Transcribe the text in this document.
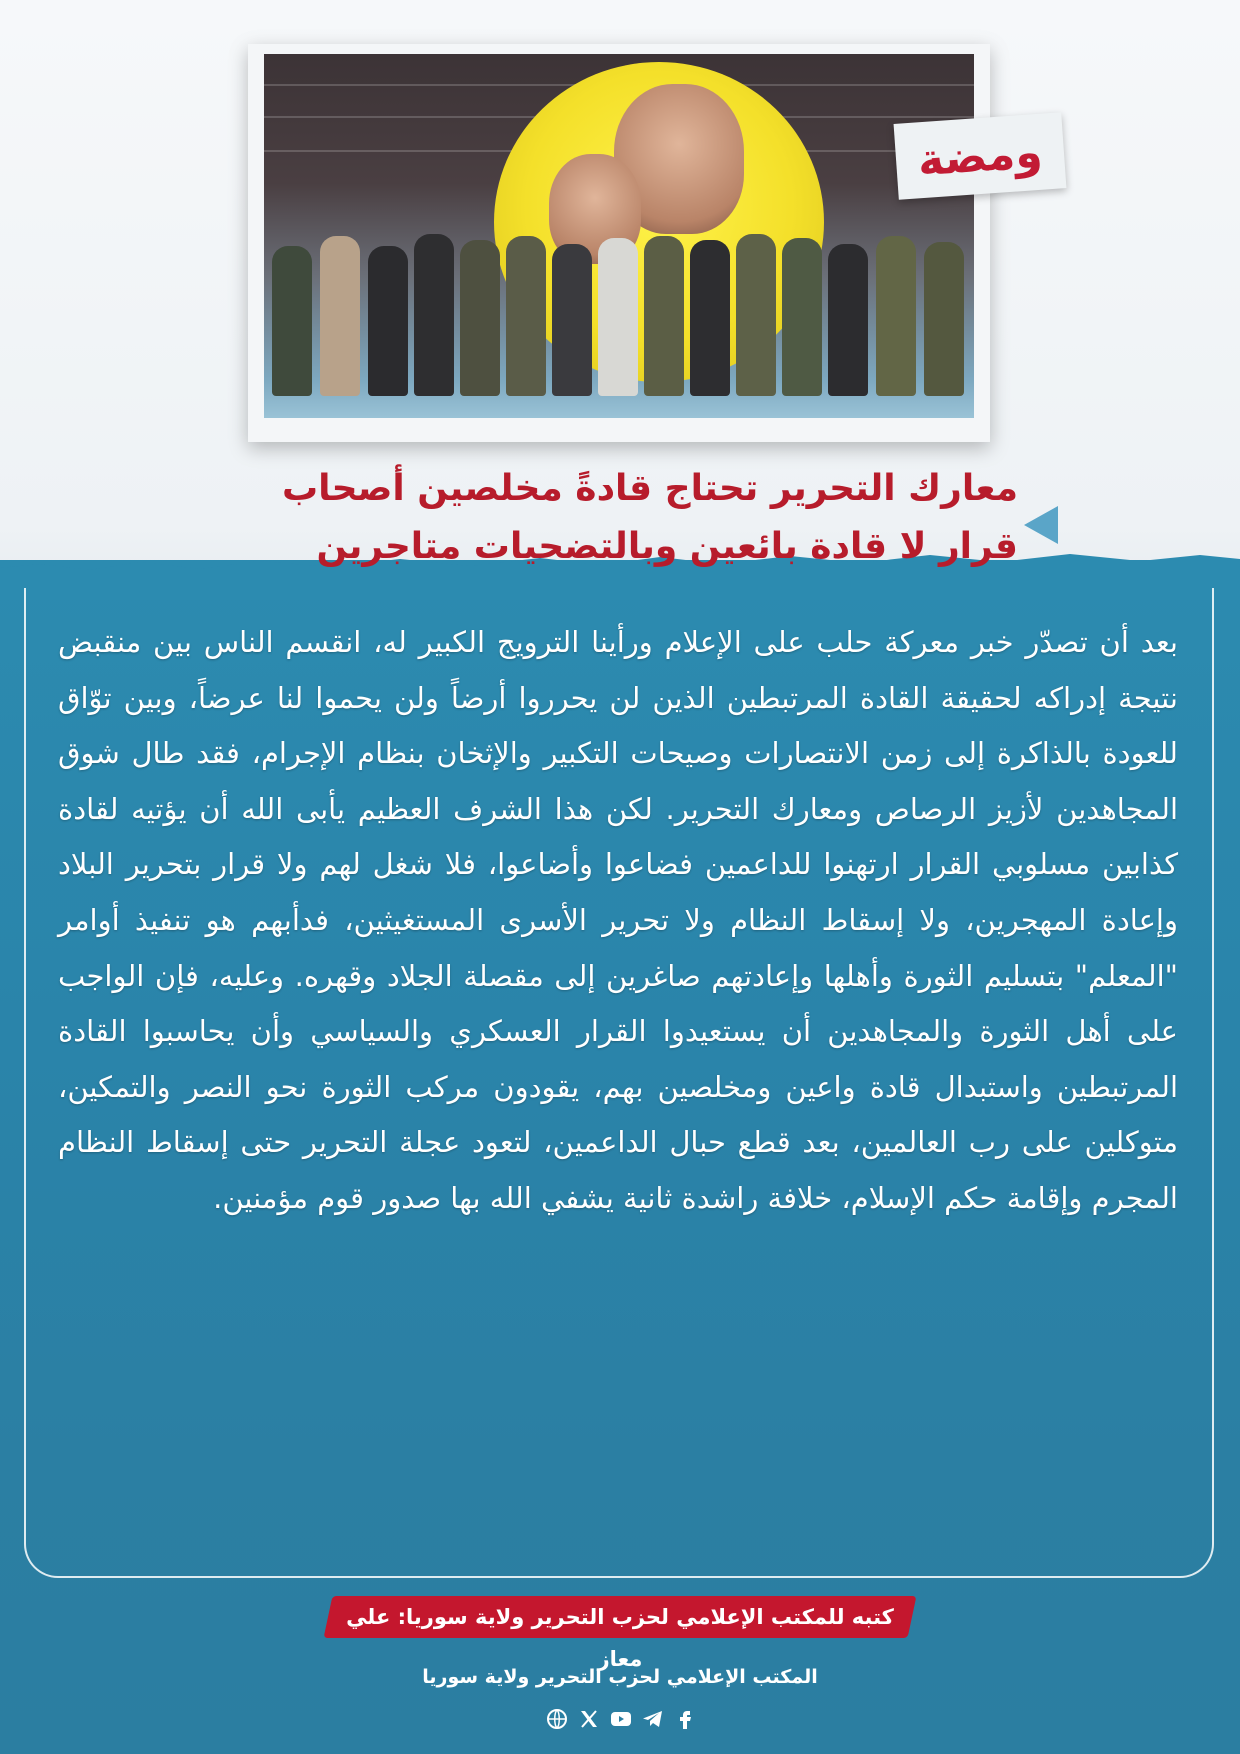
ومضة
معارك التحرير تحتاج قادةً مخلصين أصحاب
قرار لا قادة بائعين وبالتضحيات متاجرين

بعد أن تصدّر خبر معركة حلب على الإعلام ورأينا الترويج الكبير له، انقسم الناس بين منقبض نتيجة إدراكه لحقيقة القادة المرتبطين الذين لن يحرروا أرضاً ولن يحموا لنا عرضاً، وبين توّاق للعودة بالذاكرة إلى زمن الانتصارات وصيحات التكبير والإثخان بنظام الإجرام، فقد طال شوق المجاهدين لأزيز الرصاص ومعارك التحرير. لكن هذا الشرف العظيم يأبى الله أن يؤتيه لقادة كذابين مسلوبي القرار ارتهنوا للداعمين فضاعوا وأضاعوا، فلا شغل لهم ولا قرار بتحرير البلاد وإعادة المهجرين، ولا إسقاط النظام ولا تحرير الأسرى المستغيثين، فدأبهم هو تنفيذ أوامر "المعلم" بتسليم الثورة وأهلها وإعادتهم صاغرين إلى مقصلة الجلاد وقهره. وعليه، فإن الواجب على أهل الثورة والمجاهدين أن يستعيدوا القرار العسكري والسياسي وأن يحاسبوا القادة المرتبطين واستبدال قادة واعين ومخلصين بهم، يقودون مركب الثورة نحو النصر والتمكين، متوكلين على رب العالمين، بعد قطع حبال الداعمين، لتعود عجلة التحرير حتى إسقاط النظام المجرم وإقامة حكم الإسلام، خلافة راشدة ثانية يشفي الله بها صدور قوم مؤمنين.

كتبه للمكتب الإعلامي لحزب التحرير ولاية سوريا: علي معاز
المكتب الإعلامي لحزب التحرير ولاية سوريا
